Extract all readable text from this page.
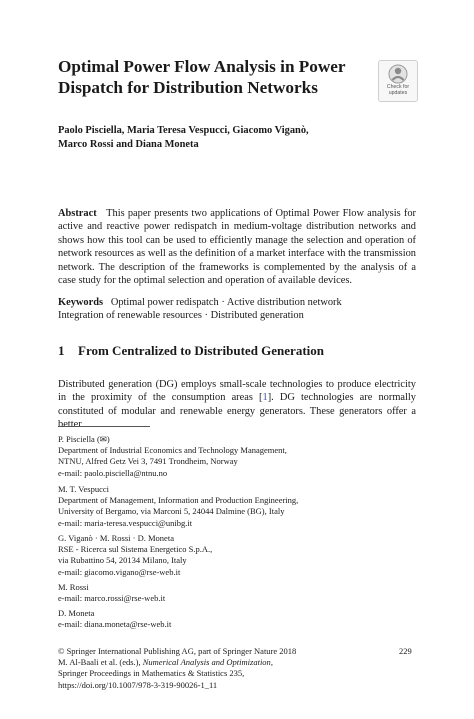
Optimal Power Flow Analysis in Power
Dispatch for Distribution Networks	Check for
updates
Paolo Pisciella, Maria Teresa Vespucci, Giacomo Viganò,
Marco Rossi and Diana Moneta
Abstract This paper presents two applications of Optimal Power Flow analysis for active and reactive power redispatch in medium-voltage distribution networks and shows how this tool can be used to efficiently manage the selection and operation of network resources as well as the definition of a market interface with the transmission network. The description of the frameworks is complemented by the analysis of a case study for the optimal selection and operation of available devices.
Keywords Optimal power redispatch · Active distribution network
Integration of renewable resources · Distributed generation
1 From Centralized to Distributed Generation
Distributed generation (DG) employs small-scale technologies to produce electricity in the proximity of the consumption areas [1]. DG technologies are normally constituted of modular and renewable energy generators. These generators offer a better
P. Pisciella (✉)
Department of Industrial Economics and Technology Management,
NTNU, Alfred Getz Vei 3, 7491 Trondheim, Norway
e-mail: paolo.pisciella@ntnu.no
M. T. Vespucci
Department of Management, Information and Production Engineering,
University of Bergamo, via Marconi 5, 24044 Dalmine (BG), Italy
e-mail: maria-teresa.vespucci@unibg.it
G. Viganò · M. Rossi · D. Moneta
RSE - Ricerca sul Sistema Energetico S.p.A.,
via Rubattino 54, 20134 Milano, Italy
e-mail: giacomo.vigano@rse-web.it
M. Rossi
e-mail: marco.rossi@rse-web.it
D. Moneta
e-mail: diana.moneta@rse-web.it
© Springer International Publishing AG, part of Springer Nature 2018
M. Al-Baali et al. (eds.), Numerical Analysis and Optimization,
Springer Proceedings in Mathematics & Statistics 235,
https://doi.org/10.1007/978-3-319-90026-1_11
229
